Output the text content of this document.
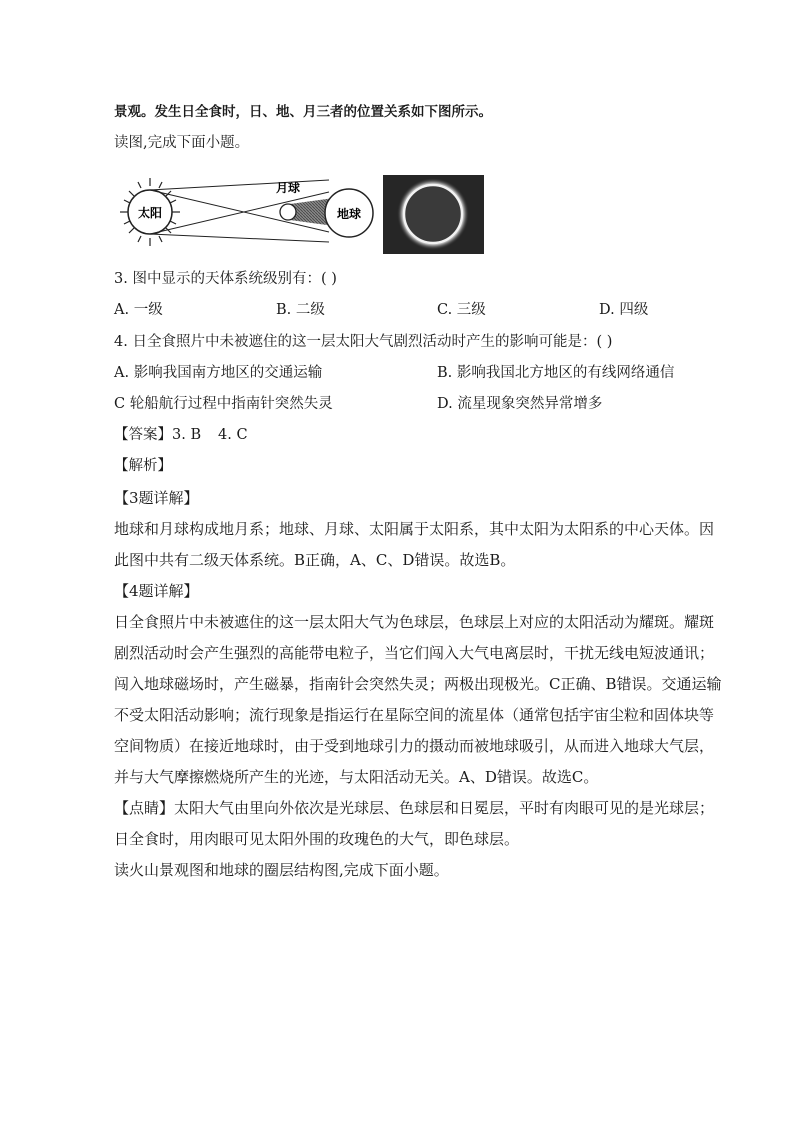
景观。发生日全食时，日、地、月三者的位置关系如下图所示。
读图,完成下面小题。
太阳
月球
地球
3. 图中显示的天体系统级别有：( )
A. 一级	B. 二级	C. 三级	D. 四级
4. 日全食照片中未被遮住的这一层太阳大气剧烈活动时产生的影响可能是：( )
A. 影响我国南方地区的交通运输	B. 影响我国北方地区的有线网络通信
C 轮船航行过程中指南针突然失灵	D. 流星现象突然异常增多
【答案】 3. B 4. C
【解析】
【3题详解】
地球和月球构成地月系；地球、月球、太阳属于太阳系，其中太阳为太阳系的中心天体。因
此图中共有二级天体系统。B正确，A、C、D错误。故选B。
【4题详解】
日全食照片中未被遮住的这一层太阳大气为色球层，色球层上对应的太阳活动为耀斑。耀斑
剧烈活动时会产生强烈的高能带电粒子，当它们闯入大气电离层时，干扰无线电短波通讯；
闯入地球磁场时，产生磁暴，指南针会突然失灵；两极出现极光。C正确、B错误。交通运输
不受太阳活动影响；流行现象是指运行在星际空间的流星体（通常包括宇宙尘粒和固体块等
空间物质）在接近地球时，由于受到地球引力的摄动而被地球吸引，从而进入地球大气层，
并与大气摩擦燃烧所产生的光迹，与太阳活动无关。A、D错误。故选C。
【点睛】太阳大气由里向外依次是光球层、色球层和日冕层，平时有肉眼可见的是光球层；
日全食时，用肉眼可见太阳外围的玫瑰色的大气，即色球层。
读火山景观图和地球的圈层结构图,完成下面小题。
